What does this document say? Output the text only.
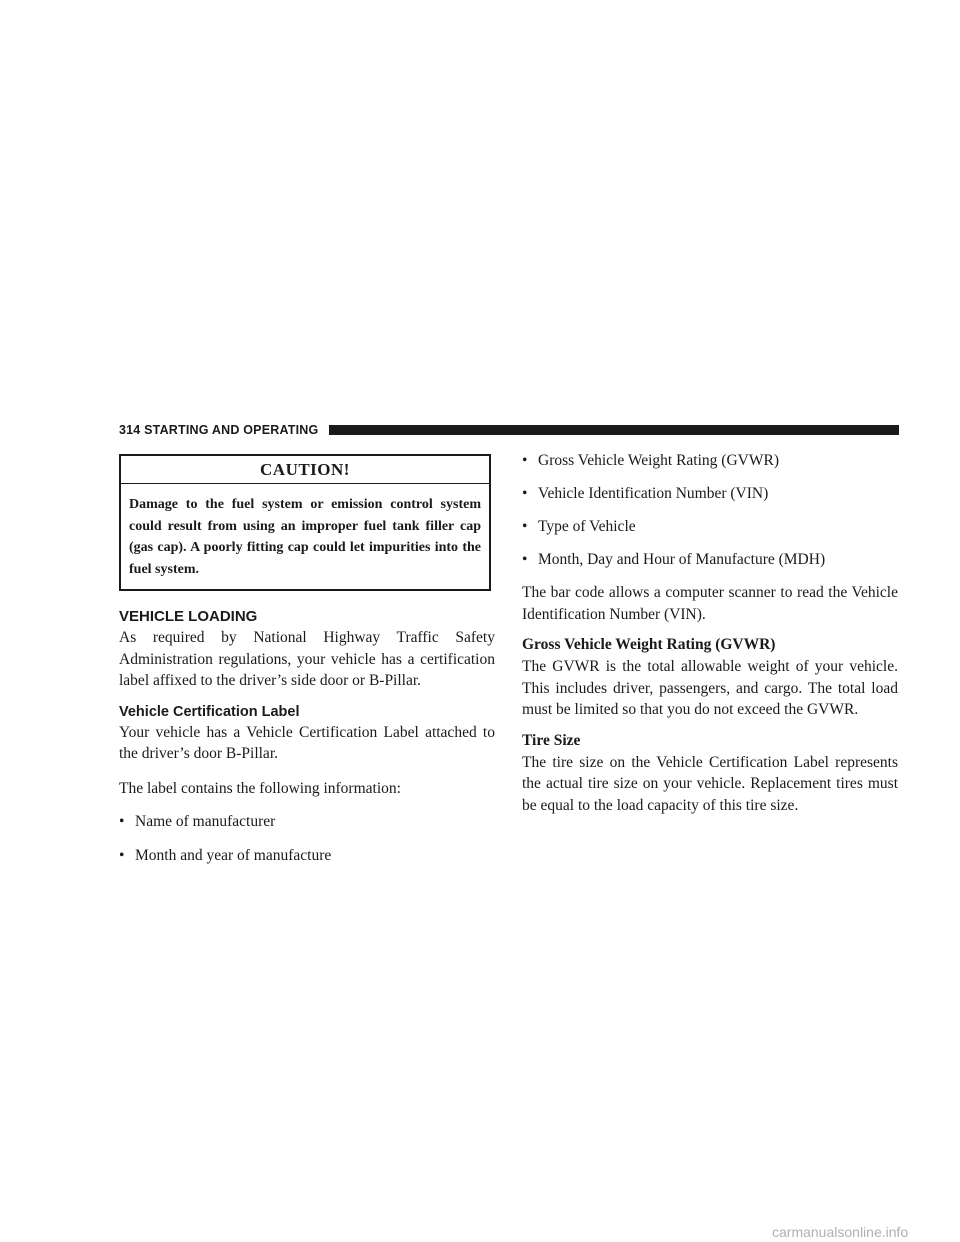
314 STARTING AND OPERATING
CAUTION!
Damage to the fuel system or emission control system could result from using an improper fuel tank filler cap (gas cap). A poorly fitting cap could let impurities into the fuel system.
VEHICLE LOADING

As required by National Highway Traffic Safety Administration regulations, your vehicle has a certification label affixed to the driver’s side door or B-Pillar.

Vehicle Certification Label

Your vehicle has a Vehicle Certification Label attached to the driver’s door B-Pillar.

The label contains the following information:

• Name of manufacturer
• Month and year of manufacture
• Gross Vehicle Weight Rating (GVWR)
• Vehicle Identification Number (VIN)
• Type of Vehicle
• Month, Day and Hour of Manufacture (MDH)

The bar code allows a computer scanner to read the Vehicle Identification Number (VIN).

Gross Vehicle Weight Rating (GVWR)

The GVWR is the total allowable weight of your vehicle. This includes driver, passengers, and cargo. The total load must be limited so that you do not exceed the GVWR.

Tire Size

The tire size on the Vehicle Certification Label represents the actual tire size on your vehicle. Replacement tires must be equal to the load capacity of this tire size.

carmanualsonline.info
